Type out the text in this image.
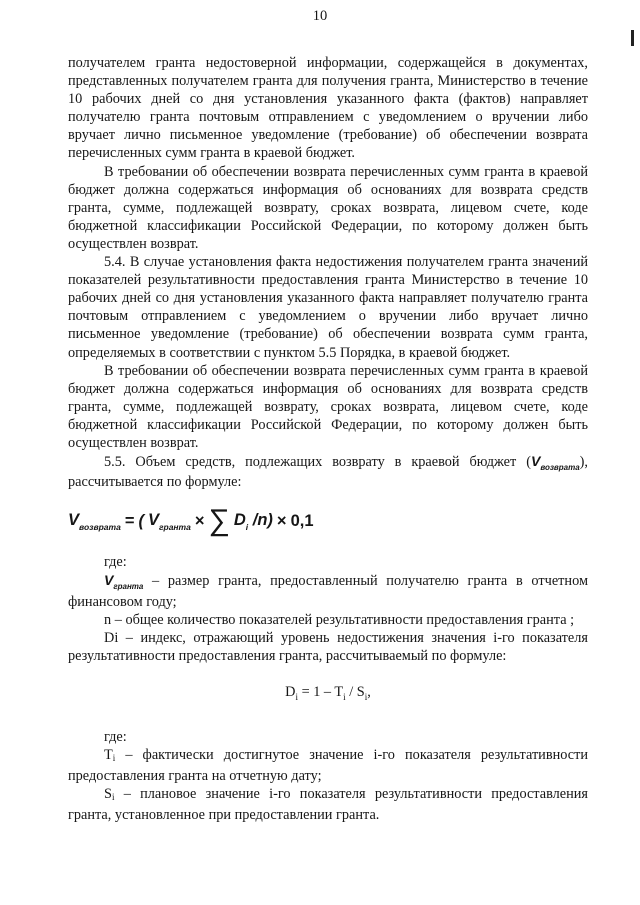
10

получателем гранта недостоверной информации, содержащейся в документах, представленных получателем гранта для получения гранта, Министерство в течение 10 рабочих дней со дня установления указанного факта (фактов) направляет получателю гранта почтовым отправлением с уведомлением о вручении либо вручает лично письменное уведомление (требование) об обеспечении возврата перечисленных сумм гранта в краевой бюджет.

В требовании об обеспечении возврата перечисленных сумм гранта в краевой бюджет должна содержаться информация об основаниях для возврата средств гранта, сумме, подлежащей возврату, сроках возврата, лицевом счете, коде бюджетной классификации Российской Федерации, по которому должен быть осуществлен возврат.

5.4. В случае установления факта недостижения получателем гранта значений показателей результативности предоставления гранта Министерство в течение 10 рабочих дней со дня установления указанного факта направляет получателю гранта почтовым отправлением с уведомлением о вручении либо вручает лично письменное уведомление (требование) об обеспечении возврата сумм гранта, определяемых в соответствии с пунктом 5.5 Порядка, в краевой бюджет.

В требовании об обеспечении возврата перечисленных сумм гранта в краевой бюджет должна содержаться информация об основаниях для возврата средств гранта, сумме, подлежащей возврату, сроках возврата, лицевом счете, коде бюджетной классификации Российской Федерации, по которому должен быть осуществлен возврат.

5.5. Объем средств, подлежащих возврату в краевой бюджет $(V_{возврата})$, рассчитывается по формуле:

$V_{возврата}$ = ( $V_{гранта}$ × ∑ $D_i$ /n) × 0,1

где:

$V_{гранта}$ – размер гранта, предоставленный получателю гранта в отчетном финансовом году;

n – общее количество показателей результативности предоставления гранта ;

Di – индекс, отражающий уровень недостижения значения i-го показателя результативности предоставления гранта, рассчитываемый по формуле:

$D_i = 1 - T_i / S_i$,

где:

Ti – фактически достигнутое значение i-го показателя результативности предоставления гранта на отчетную дату;

Si – плановое значение i-го показателя результативности предоставления гранта, установленное при предоставлении гранта.
